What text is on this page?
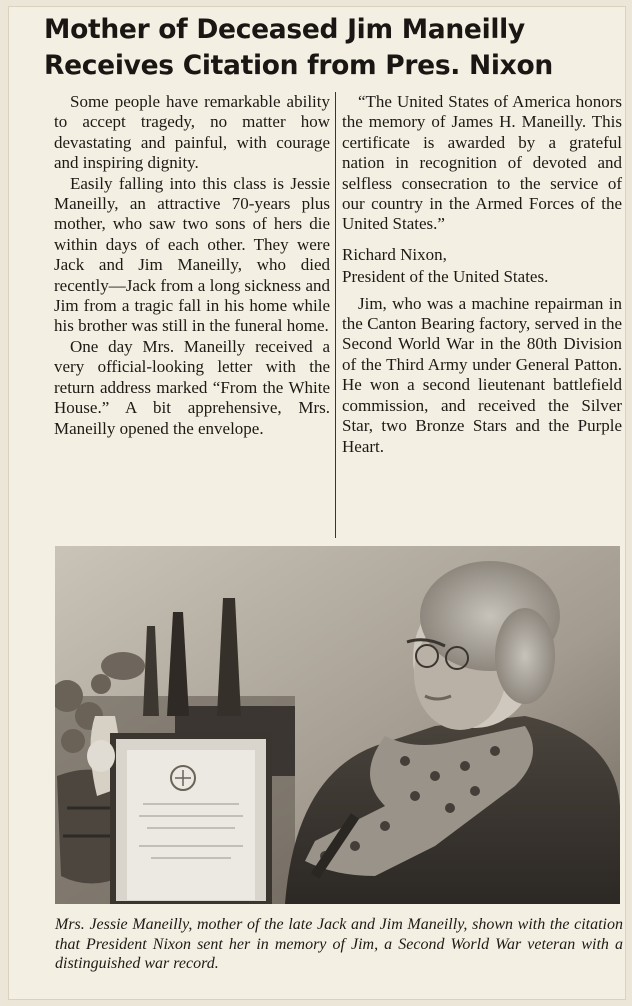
Mother of Deceased Jim Maneilly
Receives Citation from Pres. Nixon

Some people have remarkable ability to accept tragedy, no matter how devastating and painful, with courage and inspiring dignity.

Easily falling into this class is Jessie Maneilly, an attractive 70-years plus mother, who saw two sons of hers die within days of each other. They were Jack and Jim Maneilly, who died recently—Jack from a long sickness and Jim from a tragic fall in his home while his brother was still in the funeral home.

One day Mrs. Maneilly received a very official-looking letter with the return address marked “From the White House.” A bit apprehensive, Mrs. Maneilly opened the envelope.

“The United States of America honors the memory of James H. Maneilly. This certificate is awarded by a grateful nation in recognition of devoted and selfless consecration to the service of our country in the Armed Forces of the United States.”

Richard Nixon,

President of the United States.

Jim, who was a machine repairman in the Canton Bearing factory, served in the Second World War in the 80th Division of the Third Army under General Patton. He won a second lieutenant battlefield commission, and received the Silver Star, two Bronze Stars and the Purple Heart.

Mrs. Jessie Maneilly, mother of the late Jack and Jim Maneilly, shown with the citation that President Nixon sent her in memory of Jim, a Second World War veteran with a distinguished war record.
